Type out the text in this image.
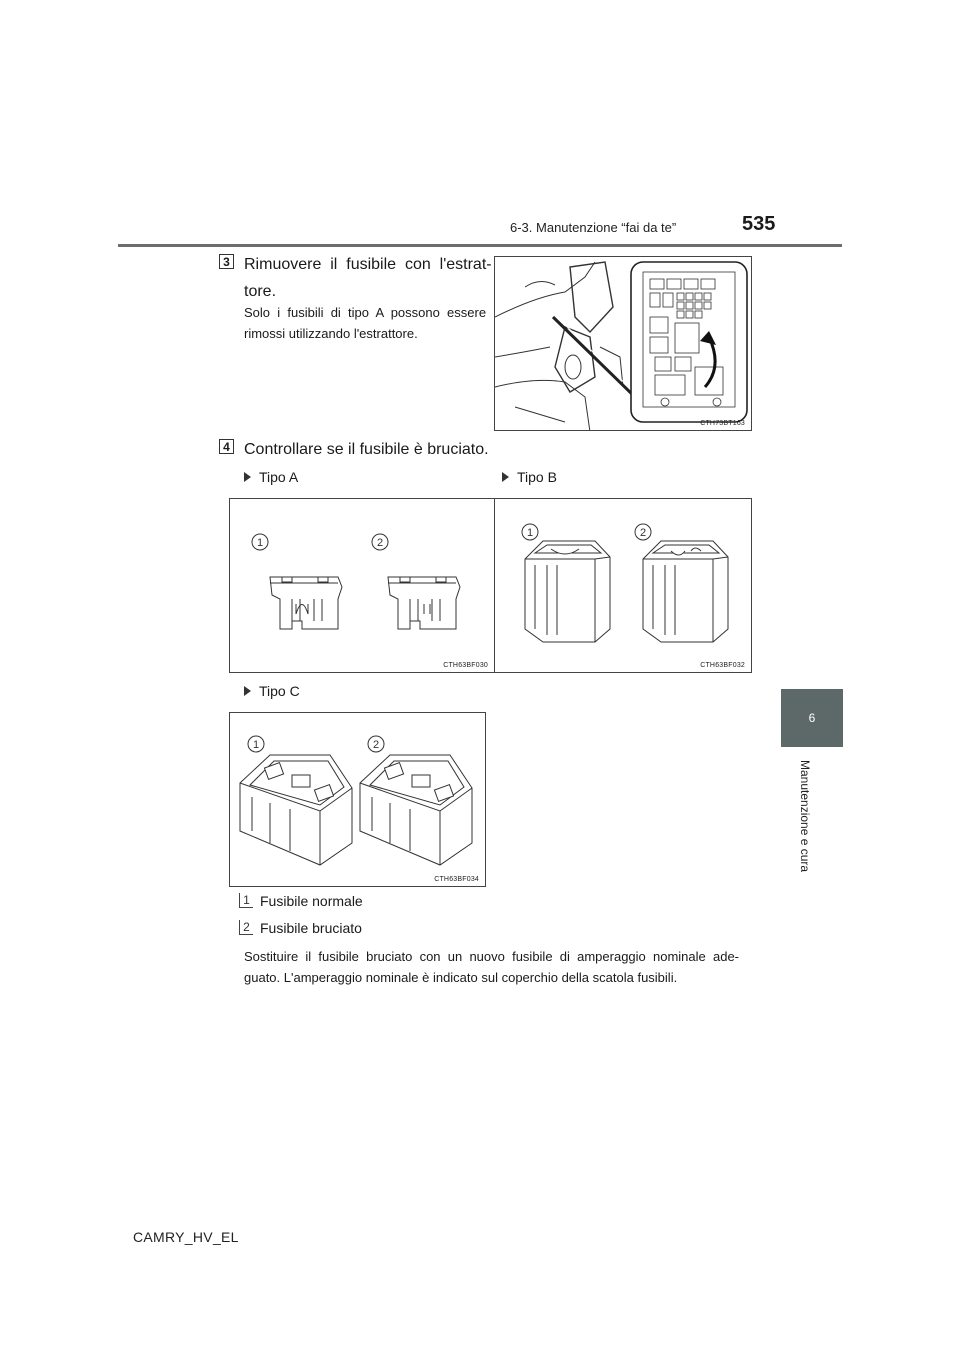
6-3. Manutenzione “fai da te”	535
6
Manutenzione e cura
3 Rimuovere  il  fusibile  con  l'estrat-
tore.
Solo  i  fusibili  di  tipo  A  possono  essere
rimossi utilizzando l'estrattore.
CTH73BT163
4 Controllare se il fusibile è bruciato.
Tipo A	Tipo B
1	2
CTH63BF030
1	2
CTH63BF032
Tipo C
1	2
CTH63BF034
1 Fusibile normale
2 Fusibile bruciato
Sostituire  il  fusibile  bruciato  con  un  nuovo  fusibile  di  amperaggio  nominale  ade-
guato. L'amperaggio nominale è indicato sul coperchio della scatola fusibili.
CAMRY_HV_EL
